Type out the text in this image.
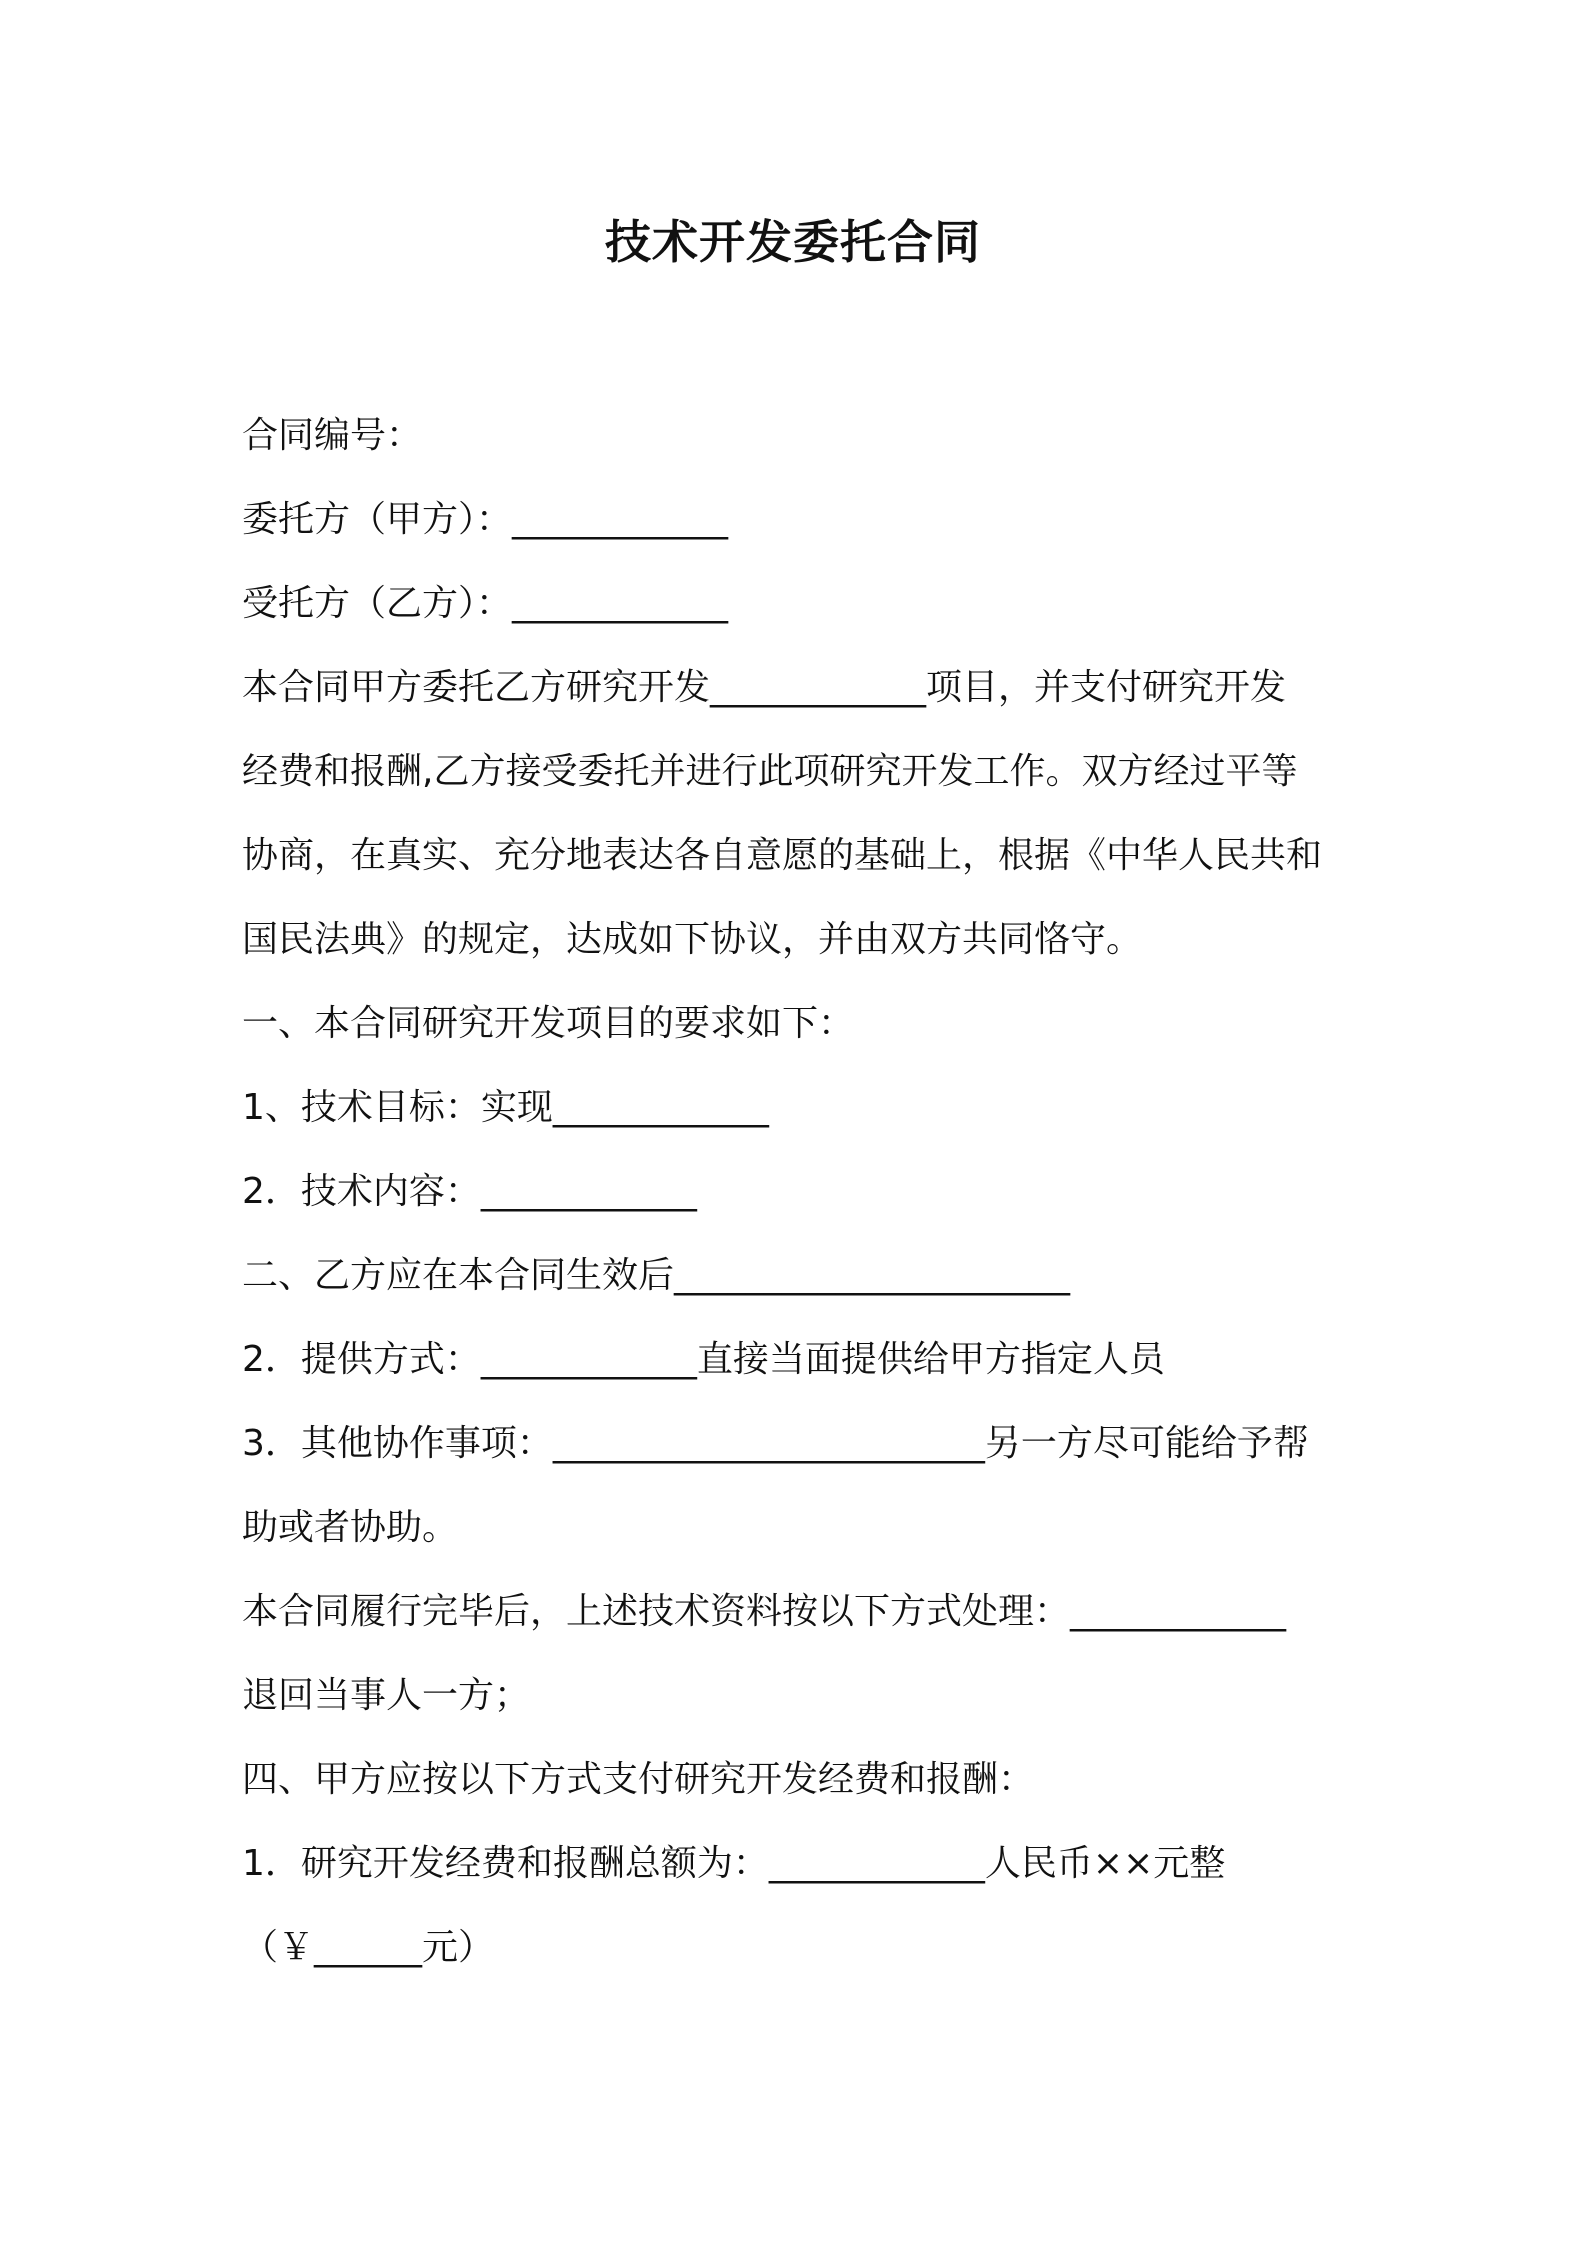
技术开发委托合同

合同编号：

委托方（甲方）：____________

受托方（乙方）：____________

本合同甲方委托乙方研究开发____________项目，并支付研究开发

经费和报酬,乙方接受委托并进行此项研究开发工作。双方经过平等

协商，在真实、充分地表达各自意愿的基础上，根据《中华人民共和

国民法典》的规定，达成如下协议，并由双方共同恪守。

一、本合同研究开发项目的要求如下：

1、技术目标：实现____________

2．技术内容：____________

二、乙方应在本合同生效后______________________

2．提供方式：____________直接当面提供给甲方指定人员

3．其他协作事项：________________________另一方尽可能给予帮

助或者协助。

本合同履行完毕后，上述技术资料按以下方式处理：____________

退回当事人一方；

四、甲方应按以下方式支付研究开发经费和报酬：

1．研究开发经费和报酬总额为：____________人民币××元整

（￥______元）
